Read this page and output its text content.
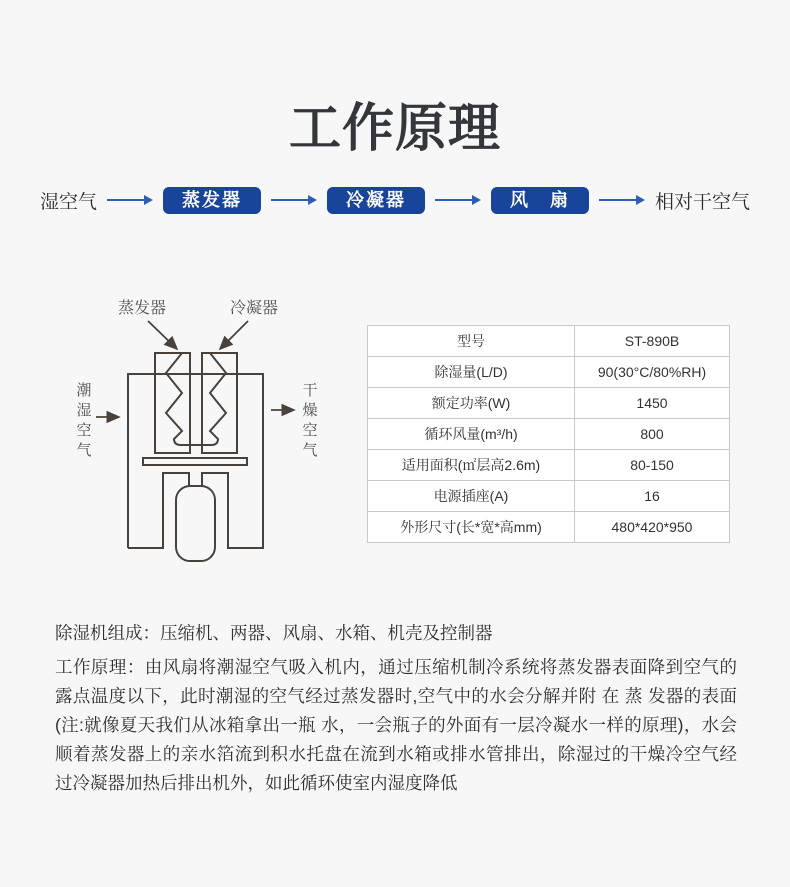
工作原理
湿空气	蒸发器	冷凝器	风　扇	相对干空气
蒸发器	冷凝器
潮
湿
空
气
干
燥
空
气
型号	ST-890B
除湿量(L/D)	90(30°C/80%RH)
额定功率(W)	1450
循环风量(m³/h)	800
适用面积(㎡层高2.6m)	80-150
电源插座(A)	16
外形尺寸(长*宽*高mm)	480*420*950
除湿机组成：压缩机、两器、风扇、水箱、机壳及控制器
工作原理：由风扇将潮湿空气吸入机内，通过压缩机制冷系统将蒸发器表面降到空气的露点温度以下，此时潮湿的空气经过蒸发器时,空气中的水会分解并附 在 蒸 发器的表面(注:就像夏天我们从冰箱拿出一瓶 水，一会瓶子的外面有一层冷凝水一样的原理)，水会顺着蒸发器上的亲水箔流到积水托盘在流到水箱或排水管排出，除湿过的干燥冷空气经过冷凝器加热后排出机外，如此循环使室内湿度降低
